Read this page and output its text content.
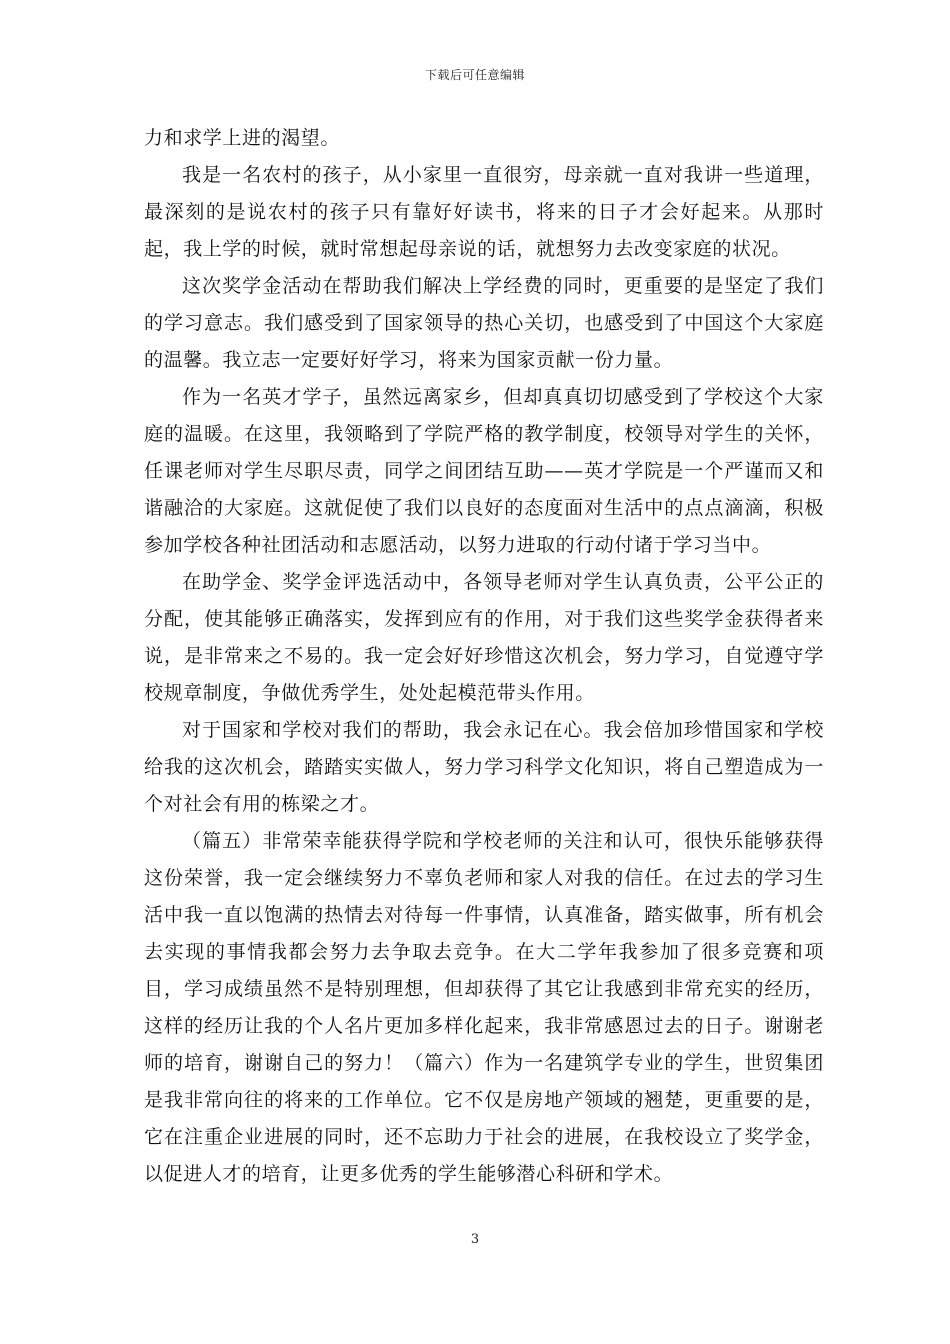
下载后可任意编辑

力和求学上进的渴望。

我是一名农村的孩子，从小家里一直很穷，母亲就一直对我讲一些道理，最深刻的是说农村的孩子只有靠好好读书，将来的日子才会好起来。从那时起，我上学的时候，就时常想起母亲说的话，就想努力去改变家庭的状况。

这次奖学金活动在帮助我们解决上学经费的同时，更重要的是坚定了我们的学习意志。我们感受到了国家领导的热心关切，也感受到了中国这个大家庭的温馨。我立志一定要好好学习，将来为国家贡献一份力量。

作为一名英才学子，虽然远离家乡，但却真真切切感受到了学校这个大家庭的温暖。在这里，我领略到了学院严格的教学制度，校领导对学生的关怀，任课老师对学生尽职尽责，同学之间团结互助——英才学院是一个严谨而又和谐融洽的大家庭。这就促使了我们以良好的态度面对生活中的点点滴滴，积极参加学校各种社团活动和志愿活动，以努力进取的行动付诸于学习当中。

在助学金、奖学金评选活动中，各领导老师对学生认真负责，公平公正的分配，使其能够正确落实，发挥到应有的作用，对于我们这些奖学金获得者来说，是非常来之不易的。我一定会好好珍惜这次机会，努力学习，自觉遵守学校规章制度，争做优秀学生，处处起模范带头作用。

对于国家和学校对我们的帮助，我会永记在心。我会倍加珍惜国家和学校给我的这次机会，踏踏实实做人，努力学习科学文化知识，将自己塑造成为一个对社会有用的栋梁之才。

（篇五）非常荣幸能获得学院和学校老师的关注和认可，很快乐能够获得这份荣誉，我一定会继续努力不辜负老师和家人对我的信任。在过去的学习生活中我一直以饱满的热情去对待每一件事情，认真准备，踏实做事，所有机会去实现的事情我都会努力去争取去竞争。在大二学年我参加了很多竞赛和项目，学习成绩虽然不是特别理想，但却获得了其它让我感到非常充实的经历，这样的经历让我的个人名片更加多样化起来，我非常感恩过去的日子。谢谢老师的培育，谢谢自己的努力！（篇六）作为一名建筑学专业的学生，世贸集团是我非常向往的将来的工作单位。它不仅是房地产领域的翘楚，更重要的是，它在注重企业进展的同时，还不忘助力于社会的进展，在我校设立了奖学金，以促进人才的培育，让更多优秀的学生能够潜心科研和学术。

3
